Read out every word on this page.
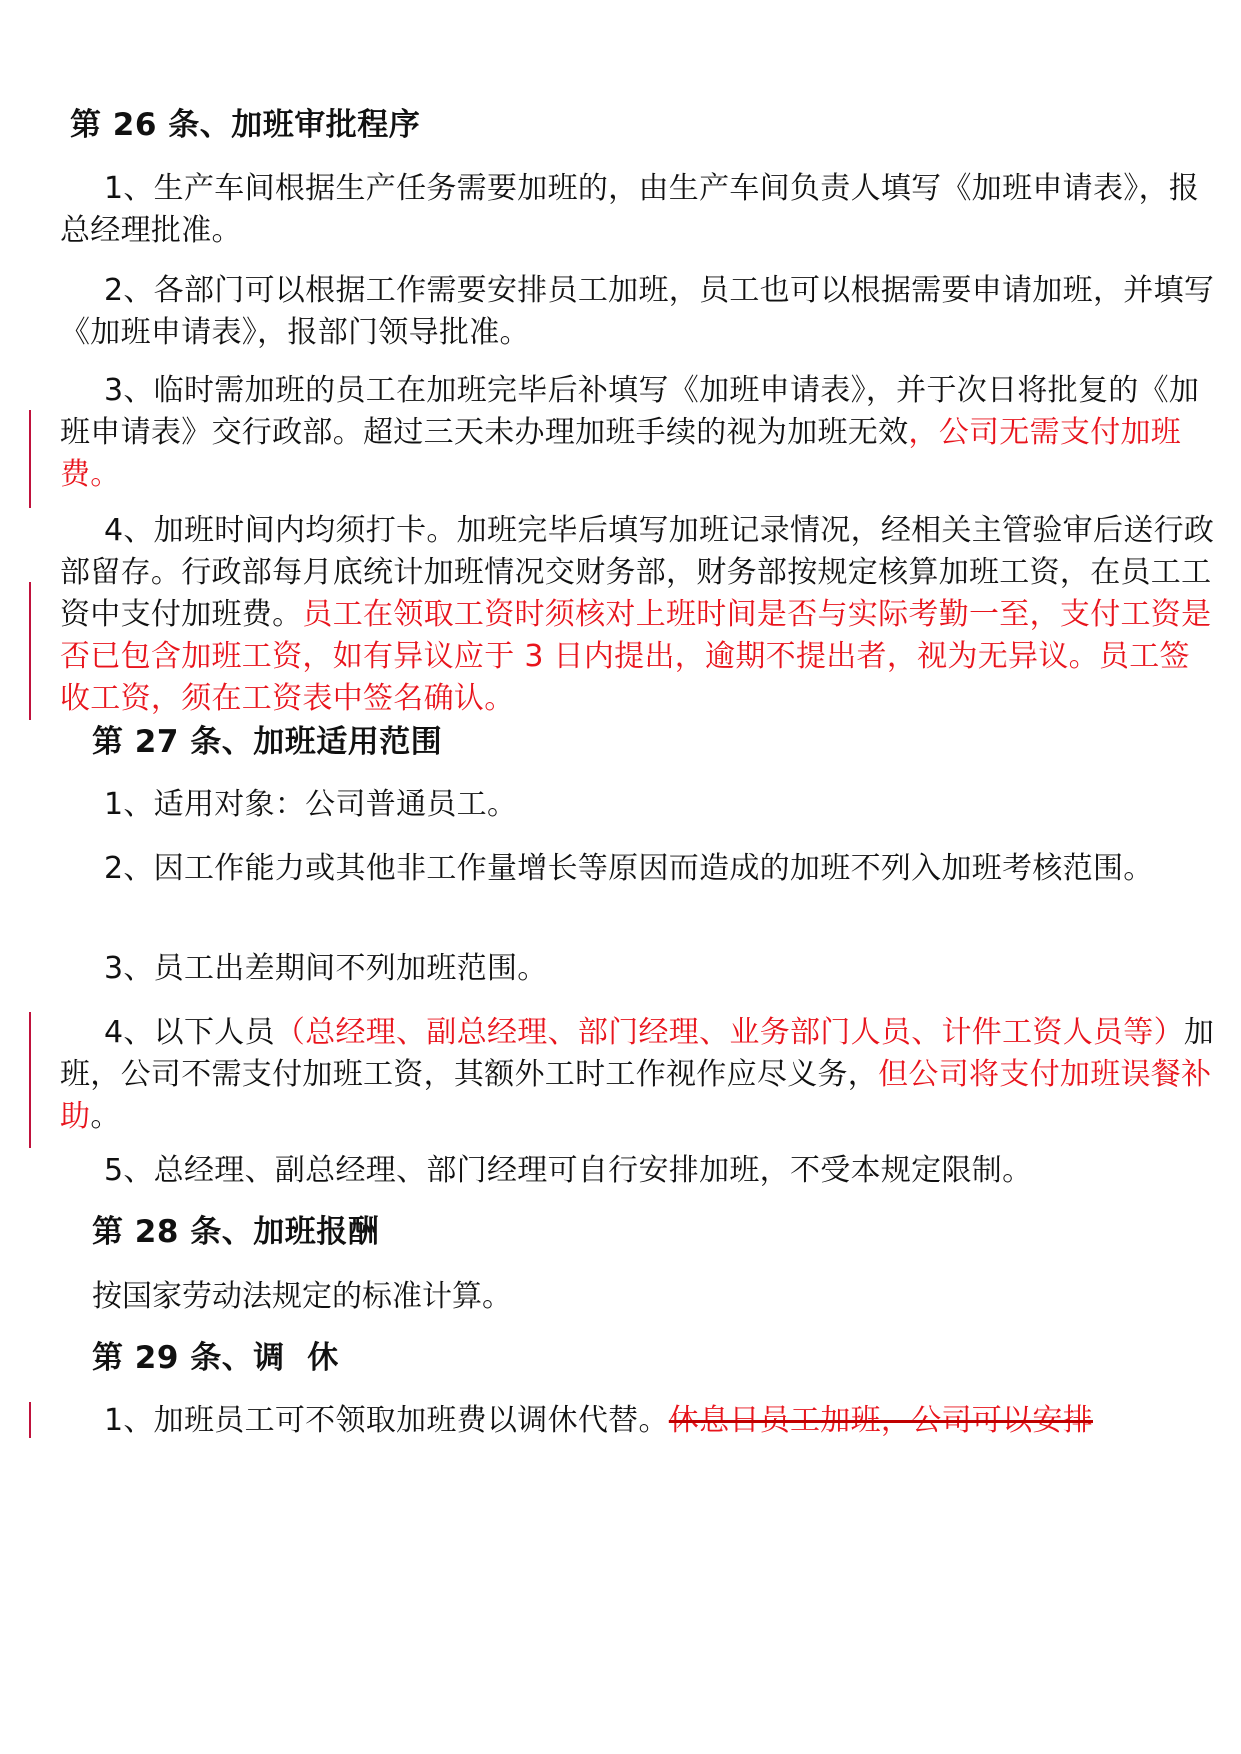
第 26 条、加班审批程序

1、生产车间根据生产任务需要加班的，由生产车间负责人填写《加班申请表》，报总经理批准。

2、各部门可以根据工作需要安排员工加班，员工也可以根据需要申请加班，并填写《加班申请表》，报部门领导批准。

3、临时需加班的员工在加班完毕后补填写《加班申请表》，并于次日将批复的《加班申请表》交行政部。超过三天未办理加班手续的视为加班无效，公司无需支付加班费。

4、加班时间内均须打卡。加班完毕后填写加班记录情况，经相关主管验审后送行政部留存。行政部每月底统计加班情况交财务部，财务部按规定核算加班工资，在员工工资中支付加班费。员工在领取工资时须核对上班时间是否与实际考勤一至，支付工资是否已包含加班工资，如有异议应于 3 日内提出，逾期不提出者，视为无异议。员工签收工资，须在工资表中签名确认。

第 27 条、加班适用范围

1、适用对象：公司普通员工。

2、因工作能力或其他非工作量增长等原因而造成的加班不列入加班考核范围。

3、员工出差期间不列加班范围。

4、以下人员（总经理、副总经理、部门经理、业务部门人员、计件工资人员等）加班，公司不需支付加班工资，其额外工时工作视作应尽义务，但公司将支付加班误餐补助。

5、总经理、副总经理、部门经理可自行安排加班，不受本规定限制。

第 28 条、加班报酬
按国家劳动法规定的标准计算。
第 29 条、调  休

1、加班员工可不领取加班费以调休代替。休息日员工加班，公司可以安排
